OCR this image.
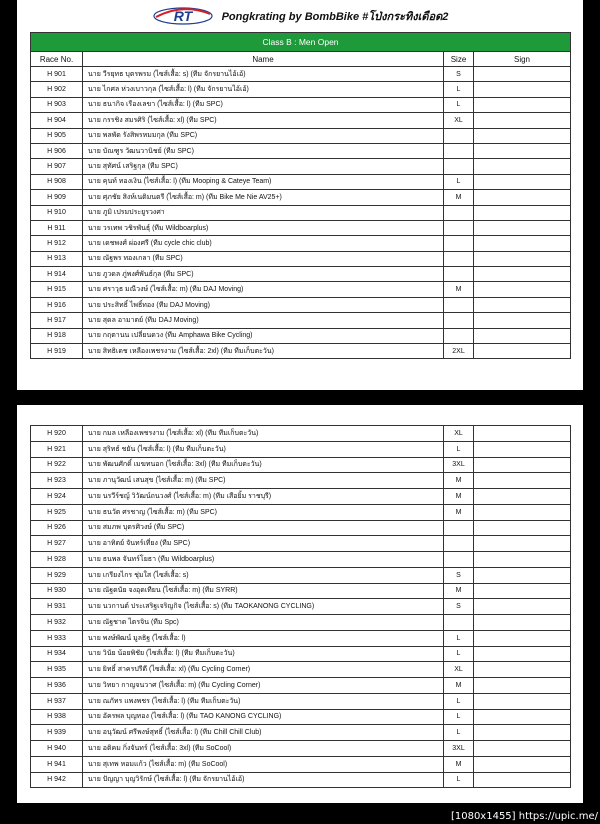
RT	Pongkrating by BombBike #โป่งกระทิงเดือด2
Class B : Men Open			
Race No.	Name	Size	Sign
H 901	นาย วีรยุทธ บุตรพรม (ไซส์เสื้อ: s) (ทีม จักรยานไอ้เอ้)	S	
H 902	นาย ไกศล ห่วงเบาวกุล (ไซส์เสื้อ: l) (ทีม จักรยานไอ้เอ้)	L	
H 903	นาย ธนากิจ เรืองเลขา (ไซส์เสื้อ: l) (ทีม SPC)	L	
H 904	นาย กรรชิง สมรศิริ (ไซส์เสื้อ: xl) (ทีม SPC)	XL	
H 905	นาย พลพัด รังสิพรหมมกุล (ทีม SPC)		
H 906	นาย บัณฑูร วัฒนวานิชย์ (ทีม SPC)		
H 907	นาย สุทัศน์ เสริฐกุล (ทีม SPC)		
H 908	นาย คุนท์ ทองเงิน (ไซส์เสื้อ: l) (ทีม Mooping & Cateye Team)	L	
H 909	นาย ศุภชัย สิงห์เนติมนตรี (ไซส์เสื้อ: m) (ทีม Bike Me Nie AV25+)	M	
H 910	นาย ภูมิ เปรมประยูรวงศา		
H 911	นาย วรเทพ วชิรพันธุ์ (ทีม Wildboarplus)		
H 912	นาย เดชพงศ์ ผ่องศรี (ทีม cycle chic club)		
H 913	นาย ณัฐพร ทองเกลา (ทีม SPC)		
H 914	นาย ภูวดล ภู่พงศ์พันธ์กุล (ทีม SPC)		
H 915	นาย ศราวุธ มณีวงษ์ (ไซส์เสื้อ: m) (ทีม DAJ Moving)	M	
H 916	นาย ประสิทธิ์ ไพธิ์ทอง (ทีม DAJ Moving)		
H 917	นาย สุดล อามาตย์ (ทีม DAJ Moving)		
H 918	นาย กฤตานน เปลี่ยนดวง (ทีม Amphawa Bike Cycling)		
H 919	นาย สิทธิเดช เหลืองเพชรงาม (ไซส์เสื้อ: 2xl) (ทีม ทีมเก็บตะวัน)	2XL	
H 920	นาย กมล เหลืองเพชรงาม (ไซส์เสื้อ: xl) (ทีม ทีมเก็บตะวัน)	XL	
H 921	นาย สุริทธ์ ชยัน (ไซส์เสื้อ: l) (ทีม ทีมเก็บตะวัน)	L	
H 922	นาย พัฒนศักดิ์ เมฆทนอก (ไซส์เสื้อ: 3xl) (ทีม ทีมเก็บตะวัน)	3XL	
H 923	นาย ภานุวัฒน์ เสนสุข (ไซส์เสื้อ: m) (ทีม SPC)	M	
H 924	นาย นรวีร์ชญ์ วิวัฒน์ถนวงศ์ (ไซส์เสื้อ: m) (ทีม เสือยิ้ม ราชบุรี)	M	
H 925	นาย ธนวัต ศรชาญ (ไซส์เสื้อ: m) (ทีม SPC)	M	
H 926	นาย สมภพ บุตรศิวงษ์ (ทีม SPC)		
H 927	นาย อาทิตย์ จันทร์เที่ยง (ทีม SPC)		
H 928	นาย ธนพล จันทร์โยธา (ทีม Wildboarplus)		
H 929	นาย เกรียงไกร ชุ่มใส (ไซส์เสื้อ: s)	S	
H 930	นาย ณัฐดนัย จงอุดเทียน (ไซส์เสื้อ: m) (ทีม SYRR)	M	
H 931	นาย นวกานต์ ประเสริฐเจริญกิจ (ไซส์เสื้อ: s) (ทีม TAOKANONG CYCLING)	S	
H 932	นาย ณัฐชาต ไตรจิน (ทีม Spc)		
H 933	นาย พงษ์พัฒน์ มูลธิฐ (ไซส์เสื้อ: l)	L	
H 934	นาย วินัย น้อยพิชัย (ไซส์เสื้อ: l) (ทีม ทีมเก็บตะวัน)	L	
H 935	นาย ยิทธิ์ สาครปรีดี (ไซส์เสื้อ: xl) (ทีม Cycling Corner)	XL	
H 936	นาย วิทยา กาญจนวาศ (ไซส์เสื้อ: m) (ทีม Cycling Corner)	M	
H 937	นาย ณภัทร แพงพชร (ไซส์เสื้อ: l) (ทีม ทีมเก็บตะวัน)	L	
H 938	นาย อัครพล บุญทอง (ไซส์เสื้อ: l) (ทีม TAO KANONG CYCLING)	L	
H 939	นาย อนุวัฒน์ ศรีพงษ์สุทธิ์ (ไซส์เสื้อ: l) (ทีม Chill Chill Club)	L	
H 940	นาย อติคม กิ่งจันทร์ (ไซส์เสื้อ: 3xl) (ทีม SoCool)	3XL	
H 941	นาย สุเทพ หอมแก้ว (ไซส์เสื้อ: m) (ทีม SoCool)	M	
H 942	นาย ปัญญา บุญวิรักษ์ (ไซส์เสื้อ: l) (ทีม จักรยานไอ้เอ้)	L	
[1080x1455] https://upic.me/
